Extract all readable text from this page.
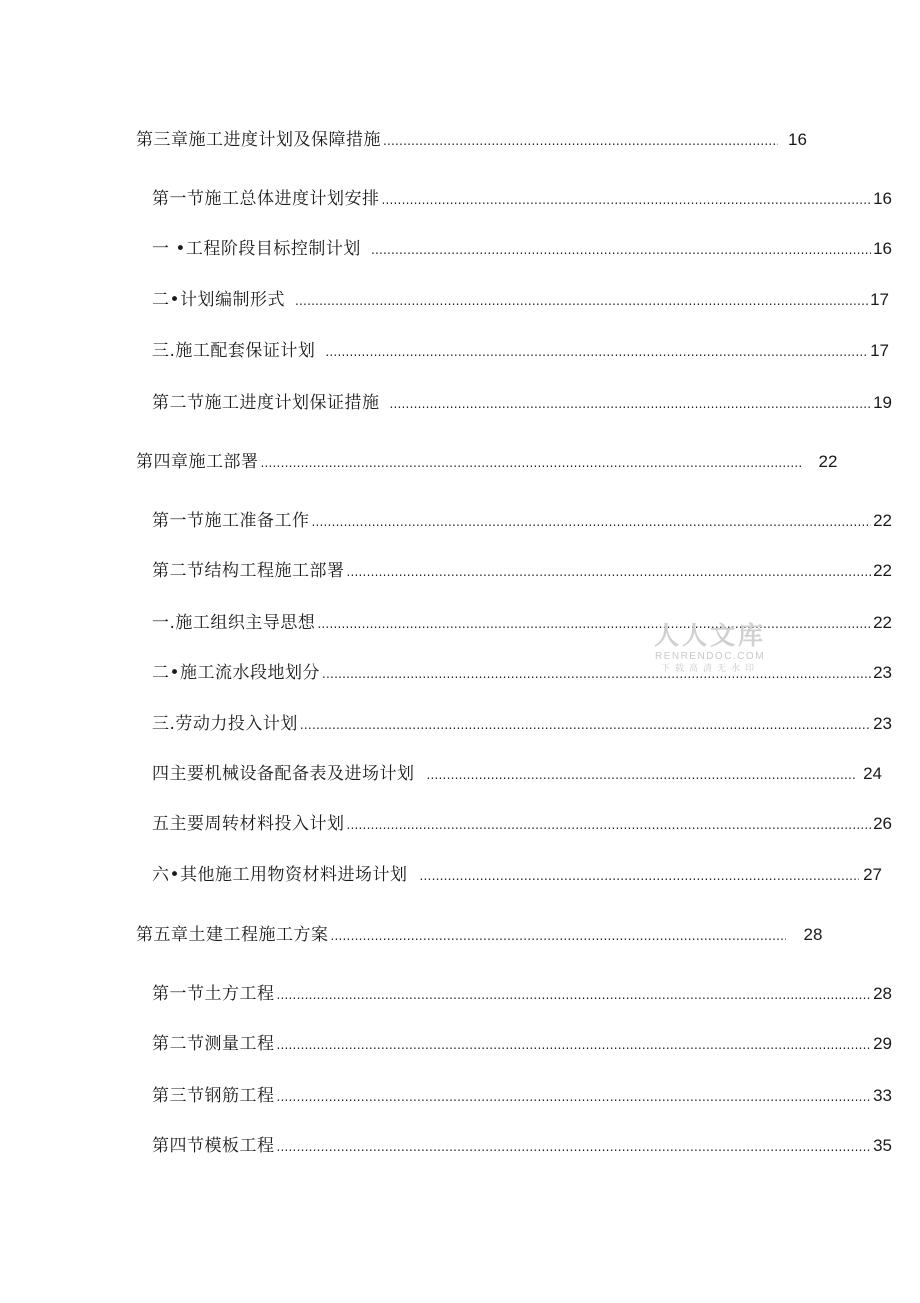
第三章施工进度计划及保障措施 .....	16
第一节施工总体进度计划安排 .....	16
一 •工程阶段目标控制计划 .....	16
二•计划编制形式 .....	17
三.施工配套保证计划 .....	17
第二节施工进度计划保证措施 .....	19
第四章施工部署 .....	22
第一节施工准备工作 .....	22
第二节结构工程施工部署 .....	22
一.施工组织主导思想 .....	22
二•施工流水段地划分 .....	23
三.劳动力投入计划 .....	23
四主要机械设备配备表及进场计划 .....	24
五主要周转材料投入计划 .....	26
六•其他施工用物资材料进场计划 .....	27
第五章土建工程施工方案 .....	28
第一节土方工程 .....	28
第二节测量工程 .....	29
第三节钢筋工程 .....	33
第四节模板工程 .....	35
人人文库
RENRENDOC.COM
下载高清无水印
